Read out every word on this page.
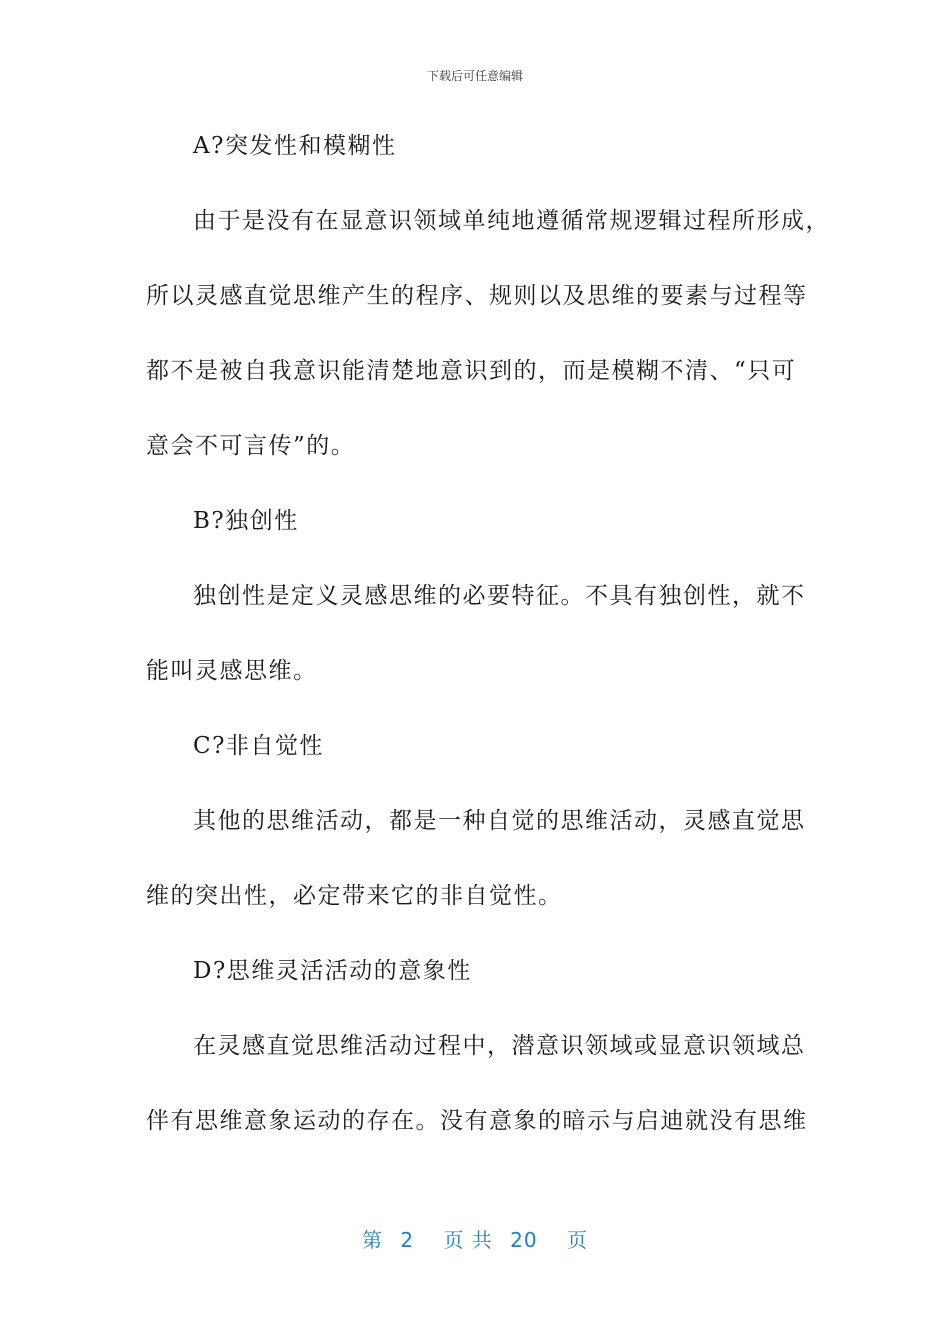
下载后可任意编辑
A?突发性和模糊性
由于是没有在显意识领域单纯地遵循常规逻辑过程所形成，
所以灵感直觉思维产生的程序、规则以及思维的要素与过程等
都不是被自我意识能清楚地意识到的，而是模糊不清、“只可
意会不可言传”的。
B?独创性
独创性是定义灵感思维的必要特征。不具有独创性，就不
能叫灵感思维。
C?非自觉性
其他的思维活动，都是一种自觉的思维活动，灵感直觉思
维的突出性，必定带来它的非自觉性。
D?思维灵活活动的意象性
在灵感直觉思维活动过程中，潜意识领域或显意识领域总
伴有思维意象运动的存在。没有意象的暗示与启迪就没有思维
第 2 页 共 20 页
